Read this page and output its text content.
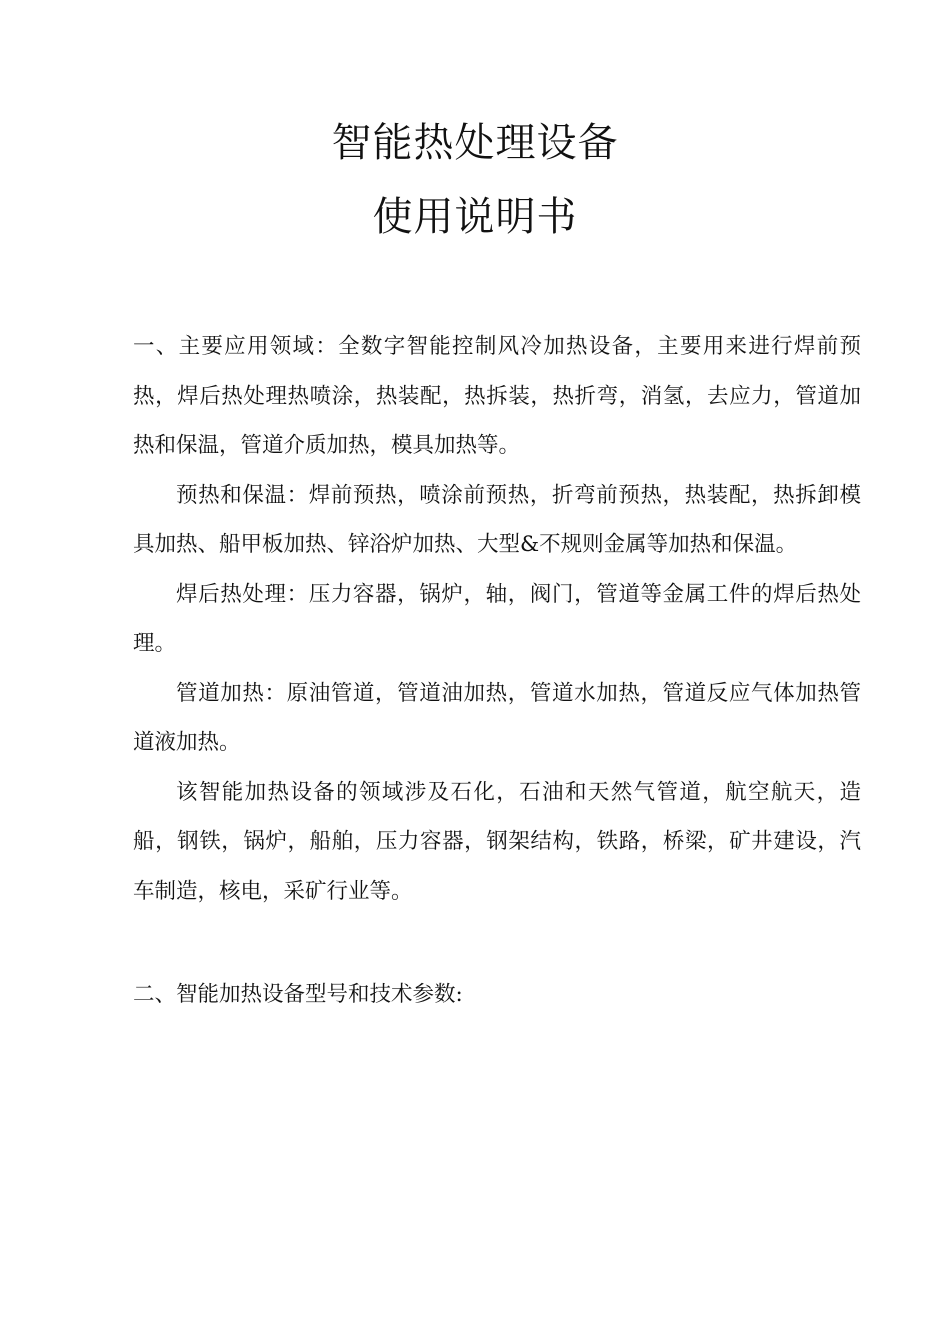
智能热处理设备
使用说明书

一、主要应用领域：全数字智能控制风冷加热设备，主要用来进行焊前预热，焊后热处理热喷涂，热装配，热拆装，热折弯，消氢，去应力，管道加热和保温，管道介质加热，模具加热等。

预热和保温：焊前预热，喷涂前预热，折弯前预热，热装配，热拆卸模具加热、船甲板加热、锌浴炉加热、大型&不规则金属等加热和保温。

焊后热处理：压力容器，锅炉，轴，阀门，管道等金属工件的焊后热处理。

管道加热：原油管道，管道油加热，管道水加热，管道反应气体加热管道液加热。

该智能加热设备的领域涉及石化，石油和天然气管道，航空航天，造船，钢铁，锅炉，船舶，压力容器，钢架结构，铁路，桥梁，矿井建设，汽车制造，核电，采矿行业等。

二、智能加热设备型号和技术参数:
